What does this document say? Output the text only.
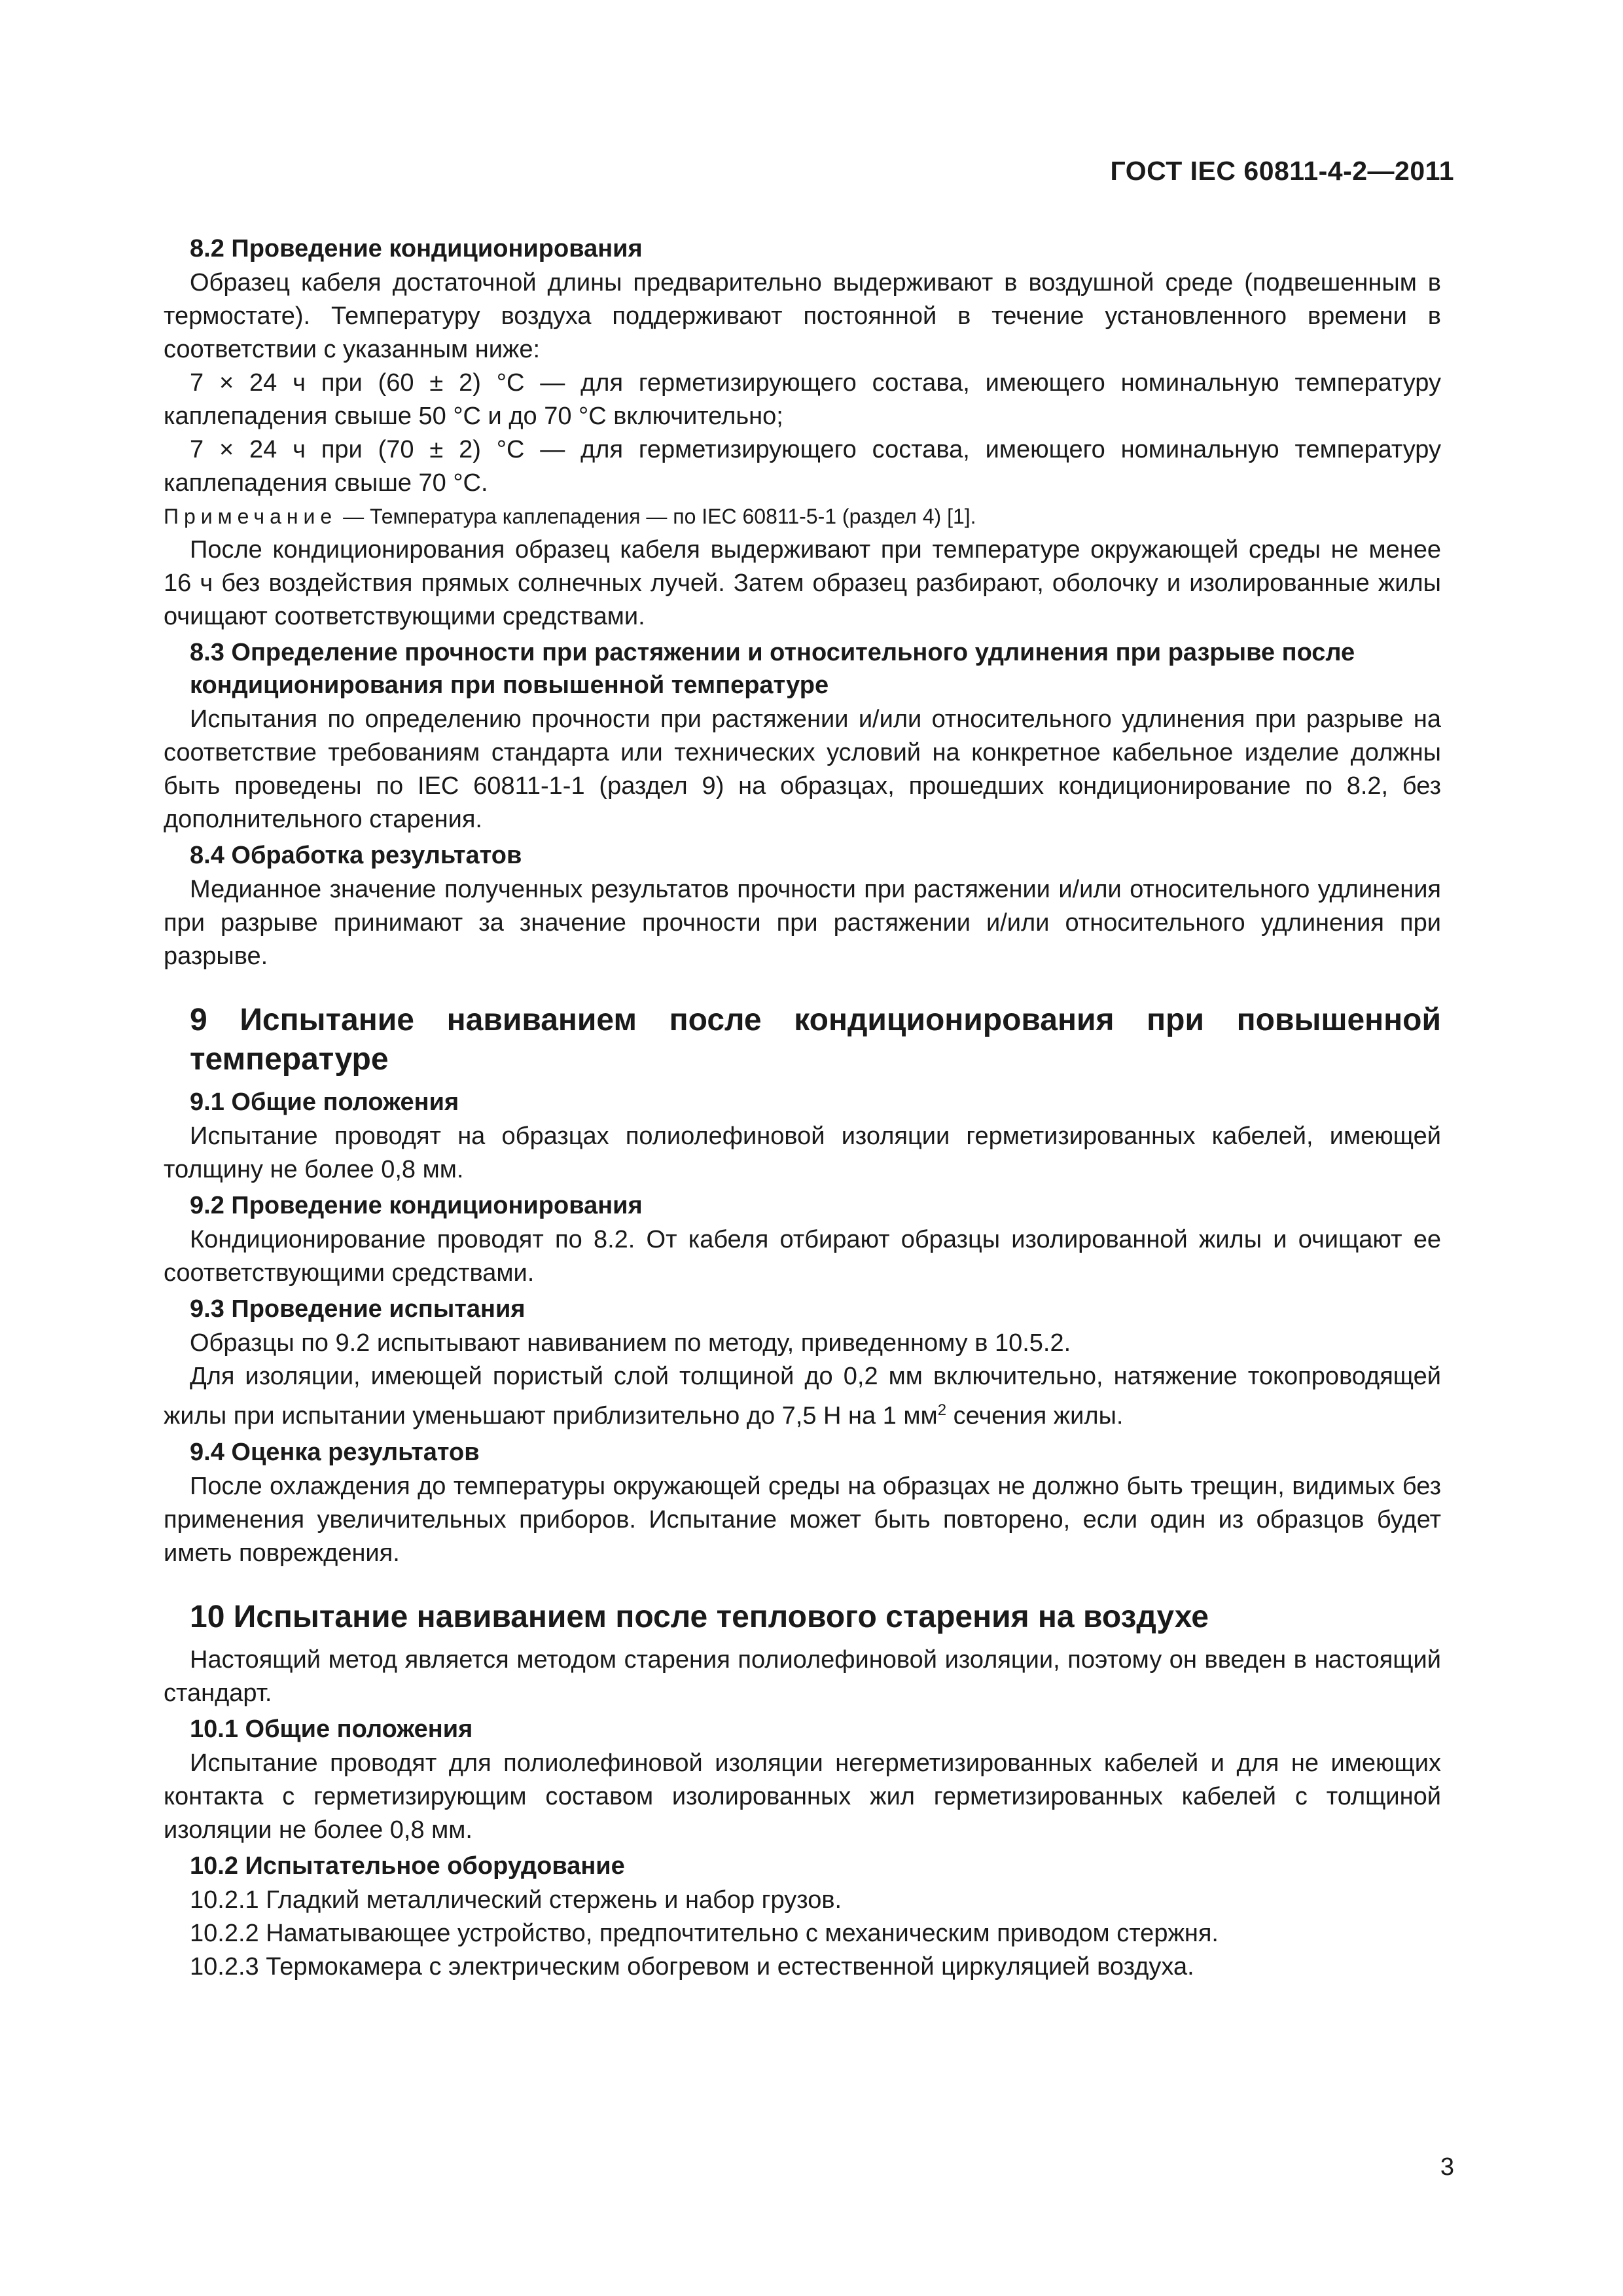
ГОСТ IEC 60811-4-2—2011
8.2 Проведение кондиционирования

Образец кабеля достаточной длины предварительно выдерживают в воздушной среде (подвешенным в термостате). Температуру воздуха поддерживают постоянной в течение установленного времени в соответствии с указанным ниже:

7 × 24 ч при (60 ± 2) °С — для герметизирующего состава, имеющего номинальную температуру каплепадения свыше 50 °С и до 70 °С включительно;

7 × 24 ч при (70 ± 2) °С — для герметизирующего состава, имеющего номинальную температуру каплепадения свыше 70 °С.

Примечание — Температура каплепадения — по IEC 60811-5-1 (раздел 4) [1].

После кондиционирования образец кабеля выдерживают при температуре окружающей среды не менее 16 ч без воздействия прямых солнечных лучей. Затем образец разбирают, оболочку и изолированные жилы очищают соответствующими средствами.

8.3 Определение прочности при растяжении и относительного удлинения при разрыве после кондиционирования при повышенной температуре

Испытания по определению прочности при растяжении и/или относительного удлинения при разрыве на соответствие требованиям стандарта или технических условий на конкретное кабельное изделие должны быть проведены по IEC 60811-1-1 (раздел 9) на образцах, прошедших кондиционирование по 8.2, без дополнительного старения.

8.4 Обработка результатов

Медианное значение полученных результатов прочности при растяжении и/или относительного удлинения при разрыве принимают за значение прочности при растяжении и/или относительного удлинения при разрыве.

9 Испытание навиванием после кондиционирования при повышенной температуре
9.1 Общие положения

Испытание проводят на образцах полиолефиновой изоляции герметизированных кабелей, имеющей толщину не более 0,8 мм.

9.2 Проведение кондиционирования

Кондиционирование проводят по 8.2. От кабеля отбирают образцы изолированной жилы и очищают ее соответствующими средствами.

9.3 Проведение испытания

Образцы по 9.2 испытывают навиванием по методу, приведенному в 10.5.2.

Для изоляции, имеющей пористый слой толщиной до 0,2 мм включительно, натяжение токопроводящей жилы при испытании уменьшают приблизительно до 7,5 Н на 1 $мм^2$ сечения жилы.

9.4 Оценка результатов

После охлаждения до температуры окружающей среды на образцах не должно быть трещин, видимых без применения увеличительных приборов. Испытание может быть повторено, если один из образцов будет иметь повреждения.

10 Испытание навиванием после теплового старения на воздухе

Настоящий метод является методом старения полиолефиновой изоляции, поэтому он введен в настоящий стандарт.

10.1 Общие положения

Испытание проводят для полиолефиновой изоляции негерметизированных кабелей и для не имеющих контакта с герметизирующим составом изолированных жил герметизированных кабелей с толщиной изоляции не более 0,8 мм.

10.2 Испытательное оборудование

10.2.1 Гладкий металлический стержень и набор грузов.

10.2.2 Наматывающее устройство, предпочтительно с механическим приводом стержня.

10.2.3 Термокамера с электрическим обогревом и естественной циркуляцией воздуха.

3
